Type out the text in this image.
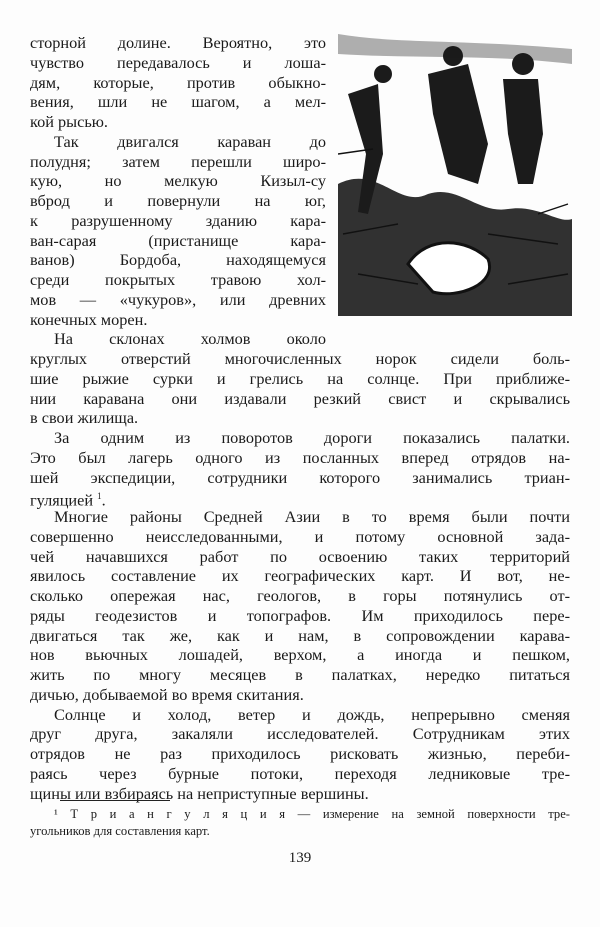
сторной долине. Вероятно, это
чувство передавалось и лоша-
дям, которые, против обыкно-
вения, шли не шагом, а мел-
кой рысью.
Так двигался караван до
полудня; затем перешли широ-
кую, но мелкую Кизыл-су
вброд и повернули на юг,
к разрушенному зданию кара-
ван-сарая (пристанище кара-
ванов) Бордоба, находящемуся
среди покрытых травою хол-
мов — «чукуров», или древних
конечных морен.
На склонах холмов около
круглых отверстий многочисленных норок сидели боль-
шие рыжие сурки и грелись на солнце. При приближе-
нии каравана они издавали резкий свист и скрывались
в свои жилища.
За одним из поворотов дороги показались палатки.
Это был лагерь одного из посланных вперед отрядов на-
шей экспедиции, сотрудники которого занимались триан-
гуляцией $^1$.
Многие районы Средней Азии в то время были почти
совершенно неисследованными, и потому основной зада-
чей начавшихся работ по освоению таких территорий
явилось составление их географических карт. И вот, не-
сколько опережая нас, геологов, в горы потянулись от-
ряды геодезистов и топографов. Им приходилось пере-
двигаться так же, как и нам, в сопровождении карава-
нов вьючных лошадей, верхом, а иногда и пешком,
жить по многу месяцев в палатках, нередко питаться
дичью, добываемой во время скитания.
Солнце и холод, ветер и дождь, непрерывно сменяя
друг друга, закаляли исследователей. Сотрудникам этих
отрядов не раз приходилось рисковать жизнью, переби-
раясь через бурные потоки, переходя ледниковые тре-
щины или взбираясь на неприступные вершины.
¹ Т р и а н г у л я ц и я — измерение на земной поверхности тре-
угольников для составления карт.
139
